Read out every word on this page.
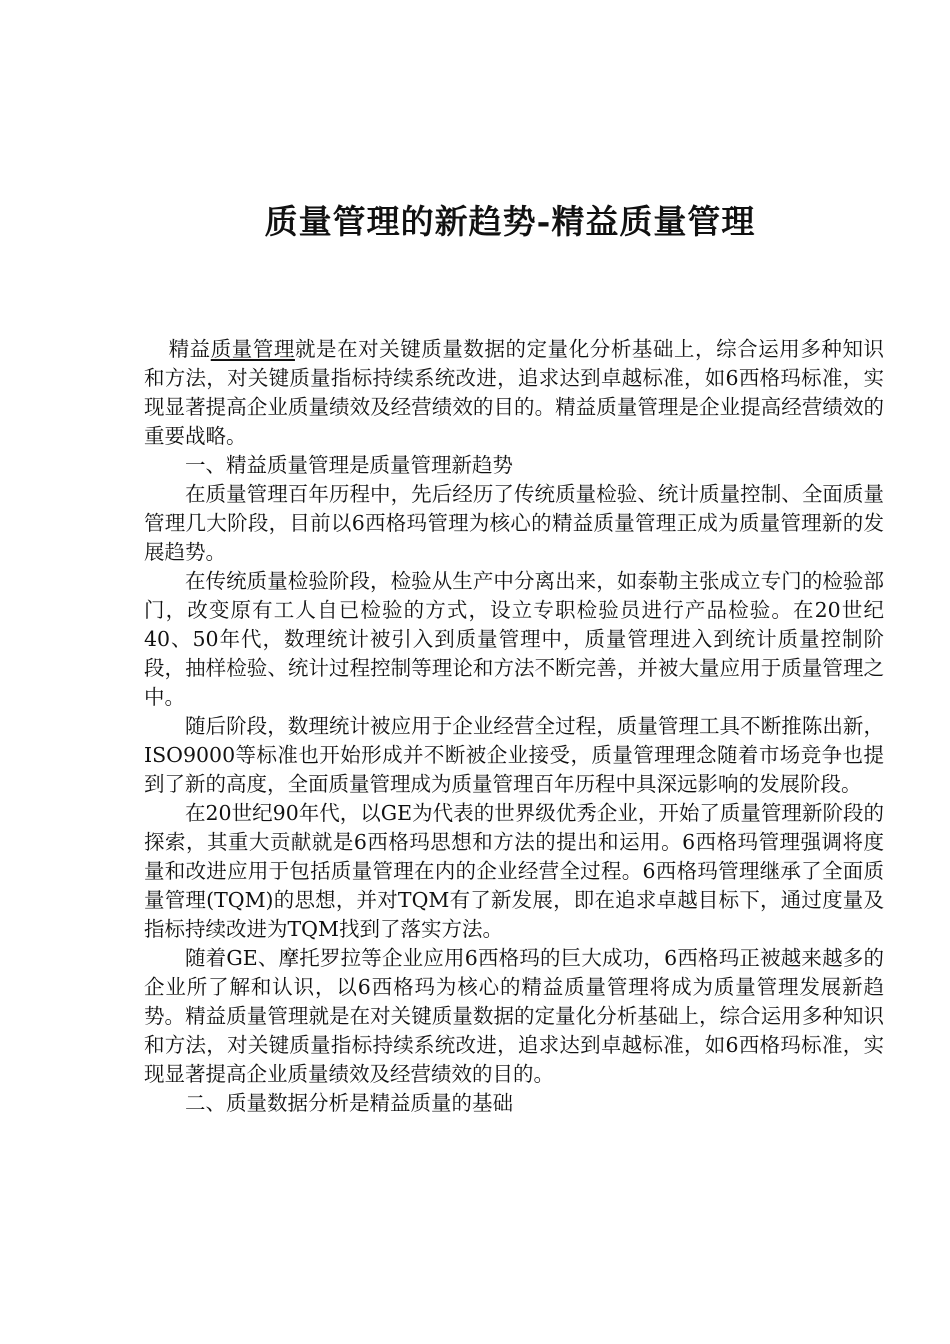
质量管理的新趋势-精益质量管理

精益质量管理就是在对关键质量数据的定量化分析基础上，综合运用多种知识和方法，对关键质量指标持续系统改进，追求达到卓越标准，如6西格玛标准，实现显著提高企业质量绩效及经营绩效的目的。精益质量管理是企业提高经营绩效的重要战略。

一、精益质量管理是质量管理新趋势

在质量管理百年历程中，先后经历了传统质量检验、统计质量控制、全面质量管理几大阶段，目前以6西格玛管理为核心的精益质量管理正成为质量管理新的发展趋势。

在传统质量检验阶段，检验从生产中分离出来，如泰勒主张成立专门的检验部门，改变原有工人自已检验的方式，设立专职检验员进行产品检验。在20世纪40、50年代，数理统计被引入到质量管理中，质量管理进入到统计质量控制阶段，抽样检验、统计过程控制等理论和方法不断完善，并被大量应用于质量管理之中。

随后阶段，数理统计被应用于企业经营全过程，质量管理工具不断推陈出新，ISO9000等标准也开始形成并不断被企业接受，质量管理理念随着市场竞争也提到了新的高度，全面质量管理成为质量管理百年历程中具深远影响的发展阶段。

在20世纪90年代，以GE为代表的世界级优秀企业，开始了质量管理新阶段的探索，其重大贡献就是6西格玛思想和方法的提出和运用。6西格玛管理强调将度量和改进应用于包括质量管理在内的企业经营全过程。6西格玛管理继承了全面质量管理(TQM)的思想，并对TQM有了新发展，即在追求卓越目标下，通过度量及指标持续改进为TQM找到了落实方法。

随着GE、摩托罗拉等企业应用6西格玛的巨大成功，6西格玛正被越来越多的企业所了解和认识，以6西格玛为核心的精益质量管理将成为质量管理发展新趋势。精益质量管理就是在对关键质量数据的定量化分析基础上，综合运用多种知识和方法，对关键质量指标持续系统改进，追求达到卓越标准，如6西格玛标准，实现显著提高企业质量绩效及经营绩效的目的。

二、质量数据分析是精益质量的基础
